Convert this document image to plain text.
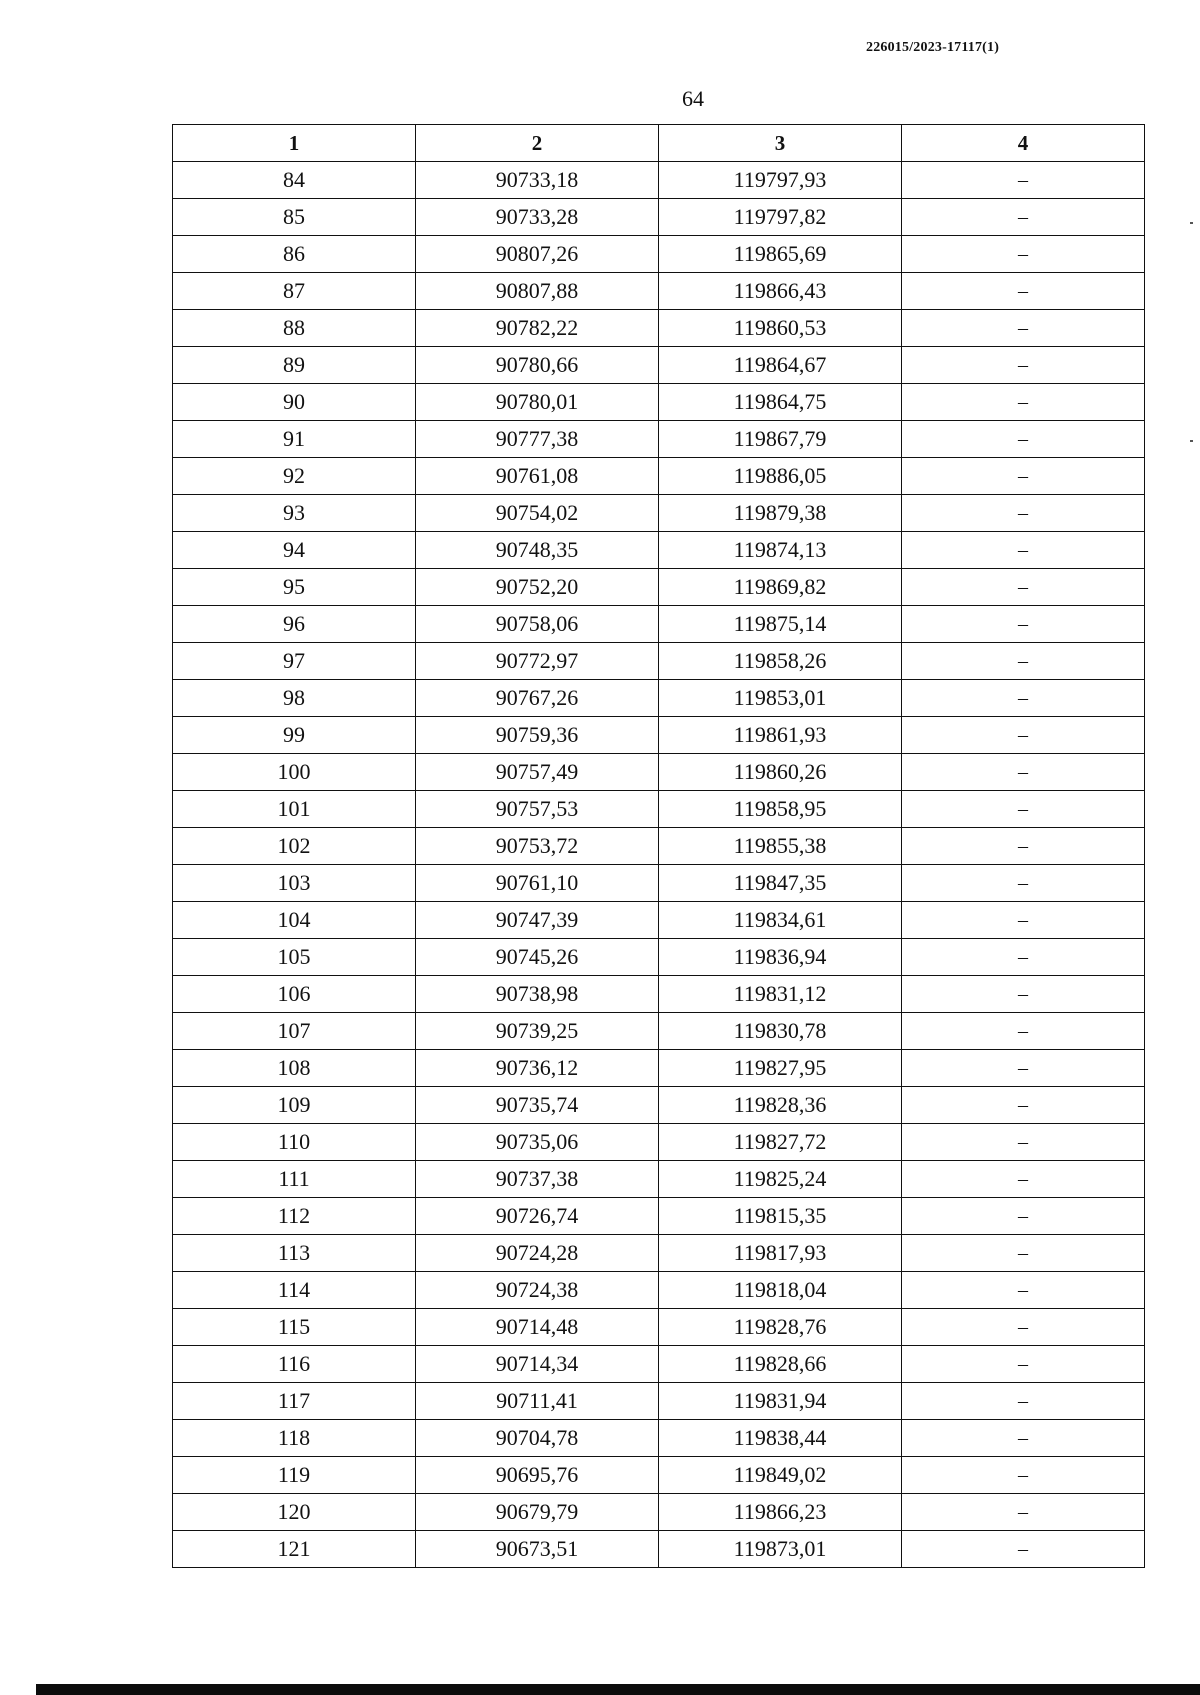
226015/2023-17117(1)
64
1	2	3	4
84	90733,18	119797,93	–
85	90733,28	119797,82	–
86	90807,26	119865,69	–
87	90807,88	119866,43	–
88	90782,22	119860,53	–
89	90780,66	119864,67	–
90	90780,01	119864,75	–
91	90777,38	119867,79	–
92	90761,08	119886,05	–
93	90754,02	119879,38	–
94	90748,35	119874,13	–
95	90752,20	119869,82	–
96	90758,06	119875,14	–
97	90772,97	119858,26	–
98	90767,26	119853,01	–
99	90759,36	119861,93	–
100	90757,49	119860,26	–
101	90757,53	119858,95	–
102	90753,72	119855,38	–
103	90761,10	119847,35	–
104	90747,39	119834,61	–
105	90745,26	119836,94	–
106	90738,98	119831,12	–
107	90739,25	119830,78	–
108	90736,12	119827,95	–
109	90735,74	119828,36	–
110	90735,06	119827,72	–
111	90737,38	119825,24	–
112	90726,74	119815,35	–
113	90724,28	119817,93	–
114	90724,38	119818,04	–
115	90714,48	119828,76	–
116	90714,34	119828,66	–
117	90711,41	119831,94	–
118	90704,78	119838,44	–
119	90695,76	119849,02	–
120	90679,79	119866,23	–
121	90673,51	119873,01	–
